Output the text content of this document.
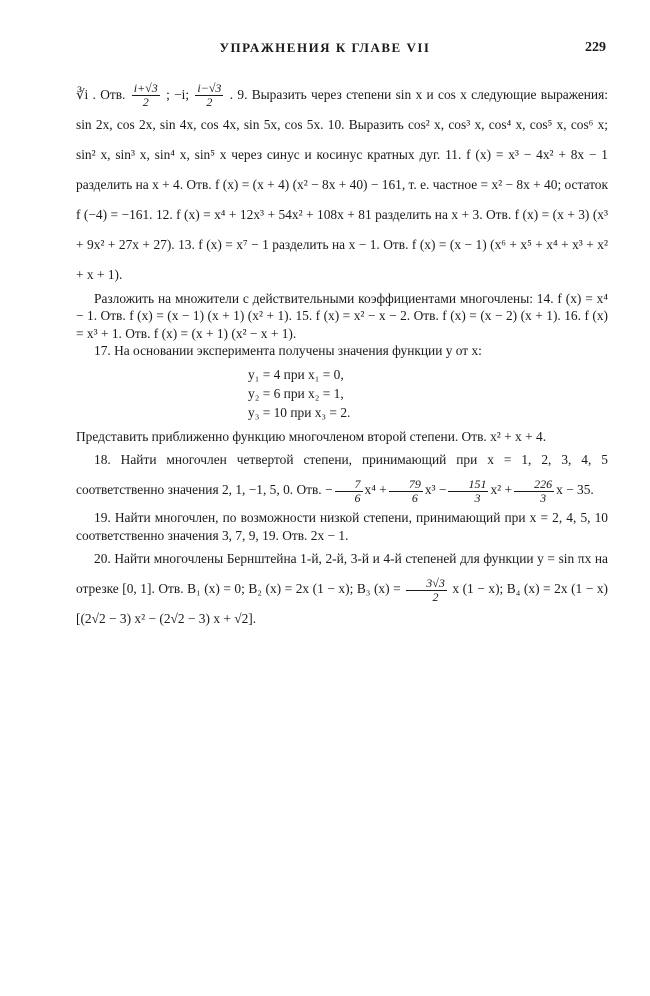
УПРАЖНЕНИЯ К ГЛАВЕ VII	229

∛i . Отв. $\frac{i+√3}{2}$ ; −i; $\frac{i-√3}{2}$ . 9. Выразить через степени sin x и cos x следующие выражения: sin 2x, cos 2x, sin 4x, cos 4x, sin 5x, cos 5x. 10. Выразить cos² x, cos³ x, cos⁴ x, cos⁵ x, cos⁶ x; sin² x, sin³ x, sin⁴ x, sin⁵ x через синус и косинус кратных дуг. 11. f (x) = x³ − 4x² + 8x − 1 разделить на x + 4. Отв. f (x) = (x + 4) (x² − 8x + 40) − 161, т. е. частное = x² − 8x + 40; остаток f (−4) = −161. 12. f (x) = x⁴ + 12x³ + 54x² + 108x + 81 разделить на x + 3. Отв. f (x) = (x + 3) (x³ + 9x² + 27x + 27). 13. f (x) = x⁷ − 1 разделить на x − 1. Отв. f (x) = (x − 1) (x⁶ + x⁵ + x⁴ + x³ + x² + x + 1).

Разложить на множители с действительными коэффициентами многочлены: 14. f (x) = x⁴ − 1. Отв. f (x) = (x − 1) (x + 1) (x² + 1). 15. f (x) = x² − x − 2. Отв. f (x) = (x − 2) (x + 1). 16. f (x) = x³ + 1. Отв. f (x) = (x + 1) (x² − x + 1).

17. На основании эксперимента получены значения функции y от x:

y₁ = 4 при x₁ = 0,
y₂ = 6 при x₂ = 1,
y₃ = 10 при x₃ = 2.

Представить приближенно функцию многочленом второй степени. Отв. x² + x + 4.

18. Найти многочлен четвертой степени, принимающий при x = 1, 2, 3, 4, 5 соответственно значения 2, 1, −1, 5, 0. Отв. − $\frac{7}{6} x^4 + \frac{79}{6} x^3 - \frac{151}{3} x^2 + \frac{226}{3}$ x − 35.

19. Найти многочлен, по возможности низкой степени, принимающий при x = 2, 4, 5, 10 соответственно значения 3, 7, 9, 19. Отв. 2x − 1.

20. Найти многочлены Бернштейна 1-й, 2-й, 3-й и 4-й степеней для функции y = sin πx на отрезке [0, 1]. Отв. B₁ (x) = 0; B₂ (x) = 2x (1 − x); B₃ $(x) = \frac{3√3}{2}$ x (1 − x); B₄ (x) = 2x (1 − x)[(2√2 − 3) x² − (2√2 − 3) x + √2].
